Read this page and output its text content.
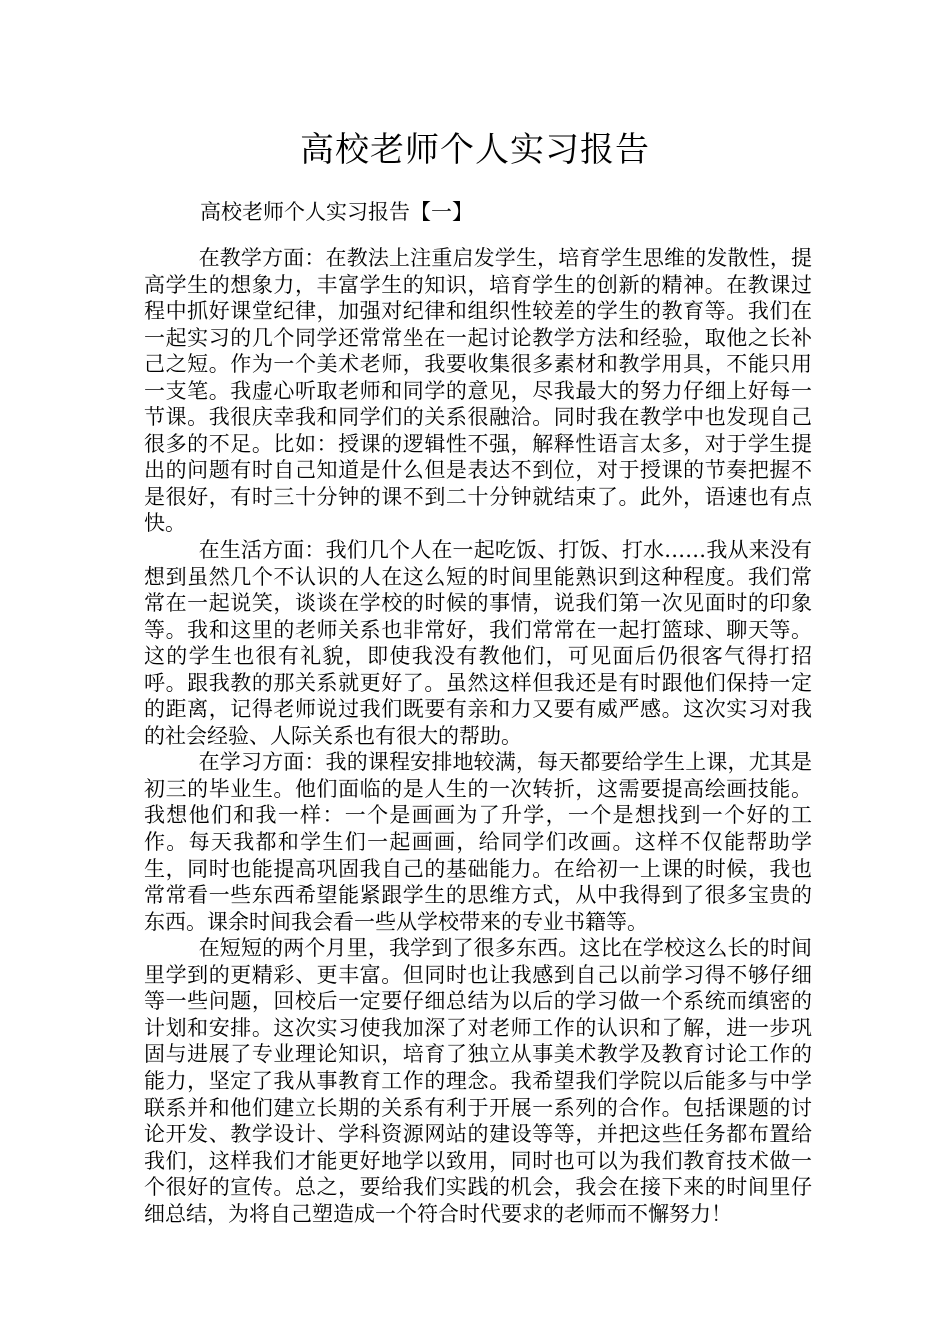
高校老师个人实习报告
高校老师个人实习报告【一】

在教学方面：在教法上注重启发学生，培育学生思维的发散性，提高学生的想象力，丰富学生的知识，培育学生的创新的精神。在教课过程中抓好课堂纪律，加强对纪律和组织性较差的学生的教育等。我们在一起实习的几个同学还常常坐在一起讨论教学方法和经验，取他之长补己之短。作为一个美术老师，我要收集很多素材和教学用具，不能只用一支笔。我虚心听取老师和同学的意见，尽我最大的努力仔细上好每一节课。我很庆幸我和同学们的关系很融洽。同时我在教学中也发现自己很多的不足。比如：授课的逻辑性不强，解释性语言太多，对于学生提出的问题有时自己知道是什么但是表达不到位，对于授课的节奏把握不是很好，有时三十分钟的课不到二十分钟就结束了。此外，语速也有点快。

在生活方面：我们几个人在一起吃饭、打饭、打水……我从来没有想到虽然几个不认识的人在这么短的时间里能熟识到这种程度。我们常常在一起说笑，谈谈在学校的时候的事情，说我们第一次见面时的印象等。我和这里的老师关系也非常好，我们常常在一起打篮球、聊天等。这的学生也很有礼貌，即使我没有教他们，可见面后仍很客气得打招呼。跟我教的那关系就更好了。虽然这样但我还是有时跟他们保持一定的距离，记得老师说过我们既要有亲和力又要有威严感。这次实习对我的社会经验、人际关系也有很大的帮助。

在学习方面：我的课程安排地较满，每天都要给学生上课，尤其是初三的毕业生。他们面临的是人生的一次转折，这需要提高绘画技能。我想他们和我一样：一个是画画为了升学，一个是想找到一个好的工作。每天我都和学生们一起画画，给同学们改画。这样不仅能帮助学生，同时也能提高巩固我自己的基础能力。在给初一上课的时候，我也常常看一些东西希望能紧跟学生的思维方式，从中我得到了很多宝贵的东西。课余时间我会看一些从学校带来的专业书籍等。

在短短的两个月里，我学到了很多东西。这比在学校这么长的时间里学到的更精彩、更丰富。但同时也让我感到自己以前学习得不够仔细等一些问题，回校后一定要仔细总结为以后的学习做一个系统而缜密的计划和安排。这次实习使我加深了对老师工作的认识和了解，进一步巩固与进展了专业理论知识，培育了独立从事美术教学及教育讨论工作的能力，坚定了我从事教育工作的理念。我希望我们学院以后能多与中学联系并和他们建立长期的关系有利于开展一系列的合作。包括课题的讨论开发、教学设计、学科资源网站的建设等等，并把这些任务都布置给我们，这样我们才能更好地学以致用，同时也可以为我们教育技术做一个很好的宣传。总之，要给我们实践的机会，我会在接下来的时间里仔细总结，为将自己塑造成一个符合时代要求的老师而不懈努力！
